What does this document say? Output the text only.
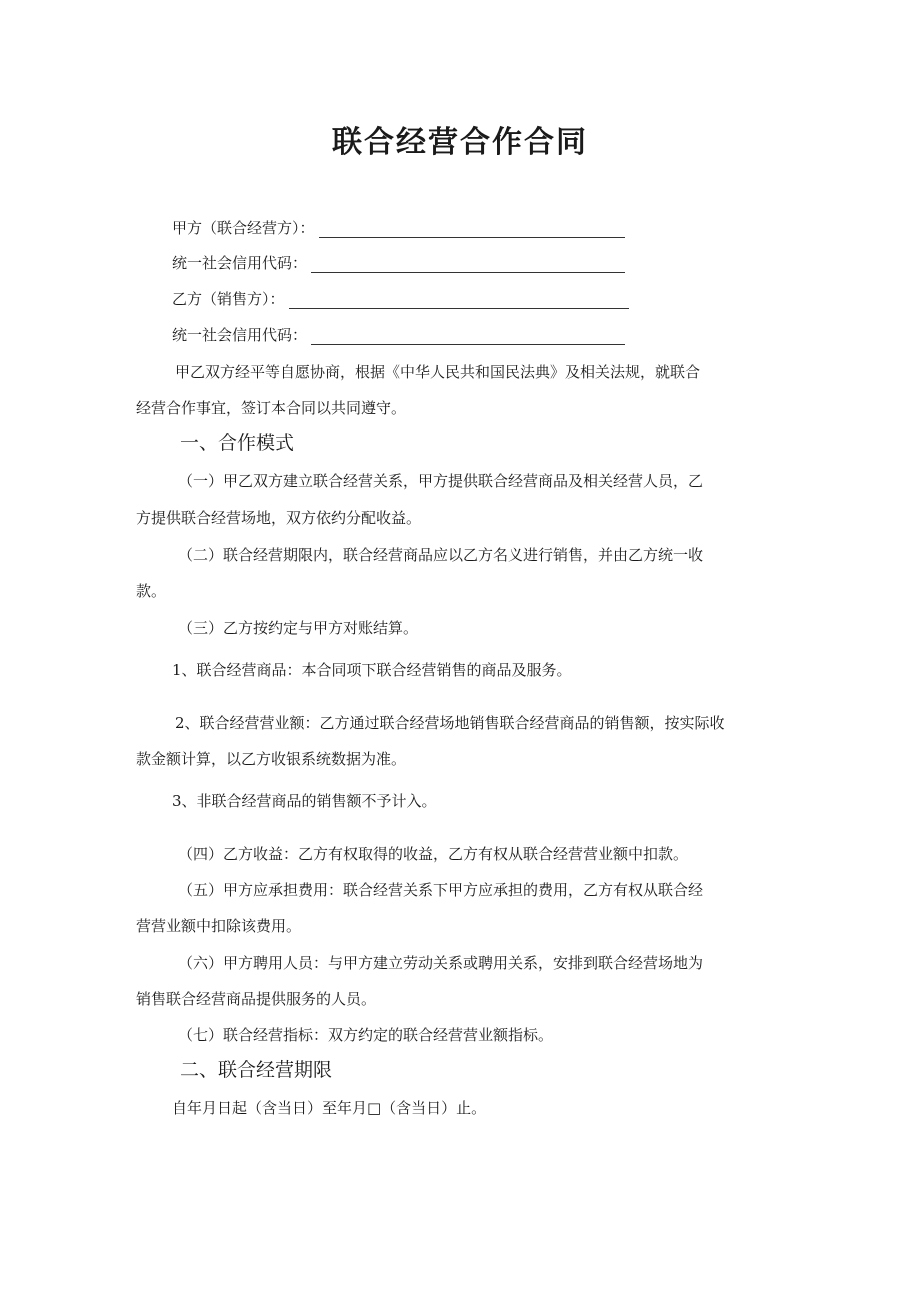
联合经营合作合同
甲方（联合经营方）：
统一社会信用代码：
乙方（销售方）：
统一社会信用代码：
甲乙双方经平等自愿协商，根据《中华人民共和国民法典》及相关法规，就联合
经营合作事宜，签订本合同以共同遵守。
一、合作模式
（一）甲乙双方建立联合经营关系，甲方提供联合经营商品及相关经营人员，乙
方提供联合经营场地，双方依约分配收益。
（二）联合经营期限内，联合经营商品应以乙方名义进行销售，并由乙方统一收
款。
（三）乙方按约定与甲方对账结算。
1、联合经营商品：本合同项下联合经营销售的商品及服务。
2、联合经营营业额：乙方通过联合经营场地销售联合经营商品的销售额，按实际收
款金额计算，以乙方收银系统数据为准。
3、非联合经营商品的销售额不予计入。
（四）乙方收益：乙方有权取得的收益，乙方有权从联合经营营业额中扣款。
（五）甲方应承担费用：联合经营关系下甲方应承担的费用，乙方有权从联合经
营营业额中扣除该费用。
（六）甲方聘用人员：与甲方建立劳动关系或聘用关系，安排到联合经营场地为
销售联合经营商品提供服务的人员。
（七）联合经营指标：双方约定的联合经营营业额指标。
二、联合经营期限
自年月日起（含当日）至年月□（含当日）止。
